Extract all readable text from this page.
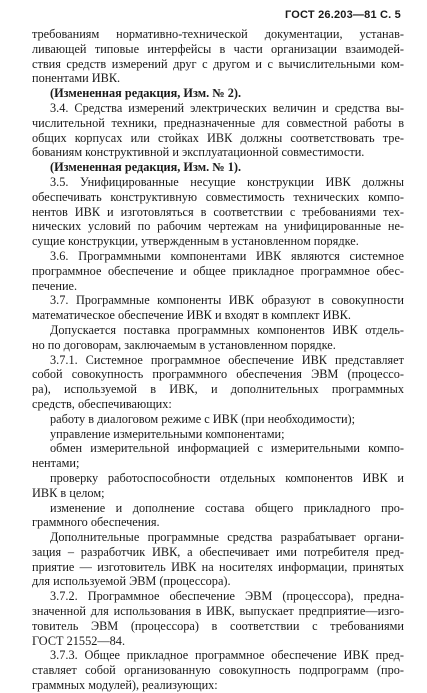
ГОСТ 26.203—81 С. 5
требованиям нормативно-технической документации, устанав-
ливающей типовые интерфейсы в части организации взаимодей-
ствия средств измерений друг с другом и с вычислительными ком-
понентами ИВК.
(Измененная редакция, Изм. № 2).
3.4. Средства измерений электрических величин и средства вы-
числительной техники, предназначенные для совместной работы в
общих корпусах или стойках ИВК должны соответствовать тре-
бованиям конструктивной и эксплуатационной совместимости.
(Измененная редакция, Изм. № 1).
3.5. Унифицированные несущие конструкции ИВК должны
обеспечивать конструктивную совместимость технических компо-
нентов ИВК и изготовляться в соответствии с требованиями тех-
нических условий по рабочим чертежам на унифицированные не-
сущие конструкции, утвержденным в установленном порядке.
3.6. Программными компонентами ИВК являются системное
программное обеспечение и общее прикладное программное обес-
печение.
3.7. Программные компоненты ИВК образуют в совокупности
математическое обеспечение ИВК и входят в комплект ИВК.
Допускается поставка программных компонентов ИВК отдель-
но по договорам, заключаемым в установленном порядке.
3.7.1. Системное программное обеспечение ИВК представляет
собой совокупность программного обеспечения ЭВМ (процессо-
ра), используемой в ИВК, и дополнительных программных
средств, обеспечивающих:
работу в диалоговом режиме с ИВК (при необходимости);
управление измерительными компонентами;
обмен измерительной информацией с измерительными компо-
нентами;
проверку работоспособности отдельных компонентов ИВК и
ИВК в целом;
изменение и дополнение состава общего прикладного про-
граммного обеспечения.
Дополнительные программные средства разрабатывает органи-
зация – разработчик ИВК, а обеспечивает ими потребителя пред-
приятие — изготовитель ИВК на носителях информации, принятых
для используемой ЭВМ (процессора).
3.7.2. Программное обеспечение ЭВМ (процессора), предна-
значенной для использования в ИВК, выпускает предприятие—изго-
товитель ЭВМ (процессора) в соответствии с требованиями
ГОСТ 21552—84.
3.7.3. Общее прикладное программное обеспечение ИВК пред-
ставляет собой организованную совокупность подпрограмм (про-
граммных модулей), реализующих:
